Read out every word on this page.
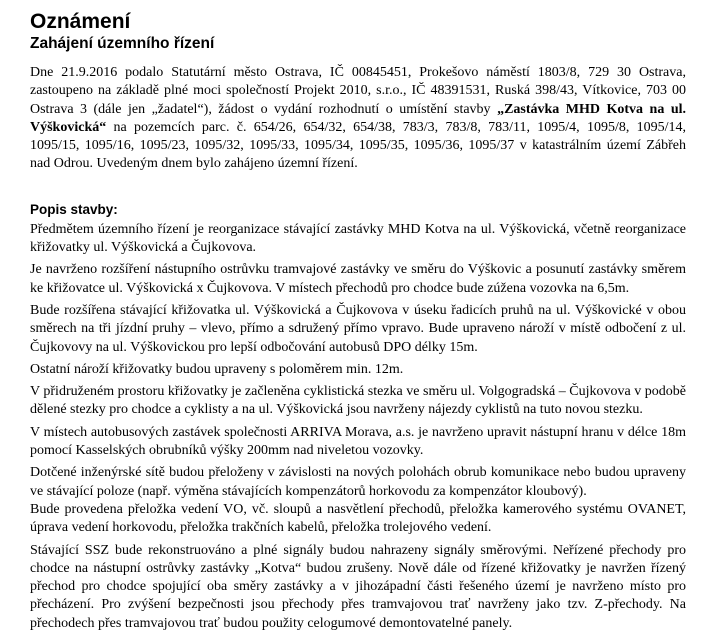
Oznámení
Zahájení územního řízení

Dne 21.9.2016 podalo Statutární město Ostrava, IČ 00845451, Prokešovo náměstí 1803/8, 729 30 Ostrava, zastoupeno na základě plné moci společností Projekt 2010, s.r.o., IČ 48391531, Ruská 398/43, Vítkovice, 703 00 Ostrava 3 (dále jen „žadatel“), žádost o vydání rozhodnutí o umístění stavby „Zastávka MHD Kotva na ul. Výškovická“ na pozemcích parc. č. 654/26, 654/32, 654/38, 783/3, 783/8, 783/11, 1095/4, 1095/8, 1095/14, 1095/15, 1095/16, 1095/23, 1095/32, 1095/33, 1095/34, 1095/35, 1095/36, 1095/37 v katastrálním území Zábřeh nad Odrou. Uvedeným dnem bylo zahájeno územní řízení.

Popis stavby:

Předmětem územního řízení je reorganizace stávající zastávky MHD Kotva na ul. Výškovická, včetně reorganizace křižovatky ul. Výškovická a Čujkovova.

Je navrženo rozšíření nástupního ostrůvku tramvajové zastávky ve směru do Výškovic a posunutí zastávky směrem ke křižovatce ul. Výškovická x Čujkovova. V místech přechodů pro chodce bude zúžena vozovka na 6,5m.

Bude rozšířena stávající křižovatka ul. Výškovická a Čujkovova v úseku řadicích pruhů na ul. Výškovické v obou směrech na tři jízdní pruhy – vlevo, přímo a sdružený přímo vpravo. Bude upraveno nároží v místě odbočení z ul. Čujkovovy na ul. Výškovickou pro lepší odbočování autobusů DPO délky 15m.

Ostatní nároží křižovatky budou upraveny s poloměrem min. 12m.

V přidruženém prostoru křižovatky je začleněna cyklistická stezka ve směru ul. Volgogradská – Čujkovova v podobě dělené stezky pro chodce a cyklisty a na ul. Výškovická jsou navrženy nájezdy cyklistů na tuto novou stezku.

V místech autobusových zastávek společnosti ARRIVA Morava, a.s. je navrženo upravit nástupní hranu v délce 18m pomocí Kasselských obrubníků výšky 200mm nad niveletou vozovky.

Dotčené inženýrské sítě budou přeloženy v závislosti na nových polohách obrub komunikace nebo budou upraveny ve stávající poloze (např. výměna stávajících kompenzátorů horkovodu za kompenzátor kloubový).

Bude provedena přeložka vedení VO, vč. sloupů a nasvětlení přechodů, přeložka kamerového systému OVANET, úprava vedení horkovodu, přeložka trakčních kabelů, přeložka trolejového vedení.

Stávající SSZ bude rekonstruováno a plné signály budou nahrazeny signály směrovými. Neřízené přechody pro chodce na nástupní ostrůvky zastávky „Kotva“ budou zrušeny. Nově dále od řízené křižovatky je navržen řízený přechod pro chodce spojující oba směry zastávky a v jihozápadní části řešeného území je navrženo místo pro přecházení. Pro zvýšení bezpečnosti jsou přechody přes tramvajovou trať navrženy jako tzv. Z-přechody. Na přechodech přes tramvajovou trať budou použity celogumové demontovatelné panely.
